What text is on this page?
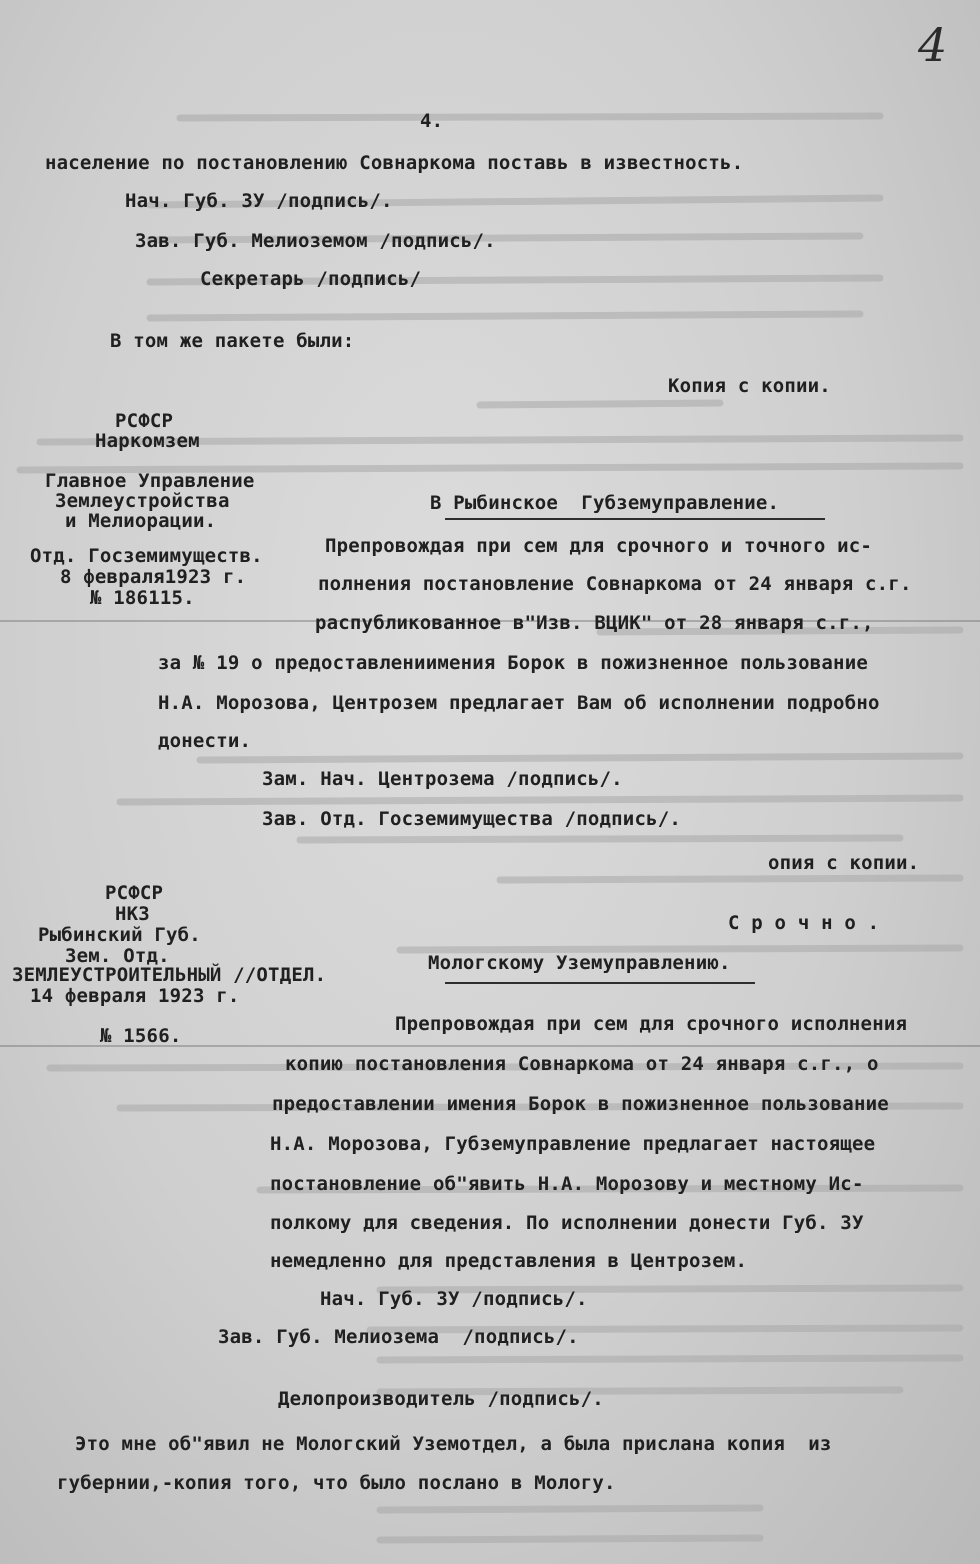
4
4.
население по постановлению Совнаркома поставь в известность.
Нач. Губ. ЗУ /подпись/.
Зав. Губ. Мелиоземом /подпись/.
Секретарь /подпись/
В том же пакете были:
Копия с копии.
РСФСР
Наркомзем
Главное Управление
Землеустройства
и Мелиорации.
Отд. Госземимуществ.
8 февраля1923 г.
№ 186115.
В Рыбинское  Губземуправление.
Препровождая при сем для срочного и точного ис-
полнения постановление Совнаркома от 24 января с.г.
распубликованное в"Изв. ВЦИК" от 28 января с.г.,
за № 19 о предоставлениимения Борок в пожизненное пользование
Н.А. Морозова, Центрозем предлагает Вам об исполнении подробно
донести.
Зам. Нач. Центрозема /подпись/.
Зав. Отд. Госземимущества /подпись/.
опия с копии.
РСФСР
НКЗ
Рыбинский Губ.
Зем. Отд.
ЗЕМЛЕУСТРОИТЕЛЬНЫЙ //ОТДЕЛ.
14 февраля 1923 г.
№ 1566.
С р о ч н о .
Мологскому Уземуправлению.
Препровождая при сем для срочного исполнения
копию постановления Совнаркома от 24 января с.г., о
предоставлении имения Борок в пожизненное пользование
Н.А. Морозова, Губземуправление предлагает настоящее
постановление об"явить Н.А. Морозову и местному Ис-
полкому для сведения. По исполнении донести Губ. ЗУ
немедленно для представления в Центрозем.
Нач. Губ. ЗУ /подпись/.
Зав. Губ. Мелиозема  /подпись/.
Делопроизводитель /подпись/.
Это мне об"явил не Мологский Уземотдел, а была прислана копия  из
губернии,-копия того, что было послано в Мологу.
